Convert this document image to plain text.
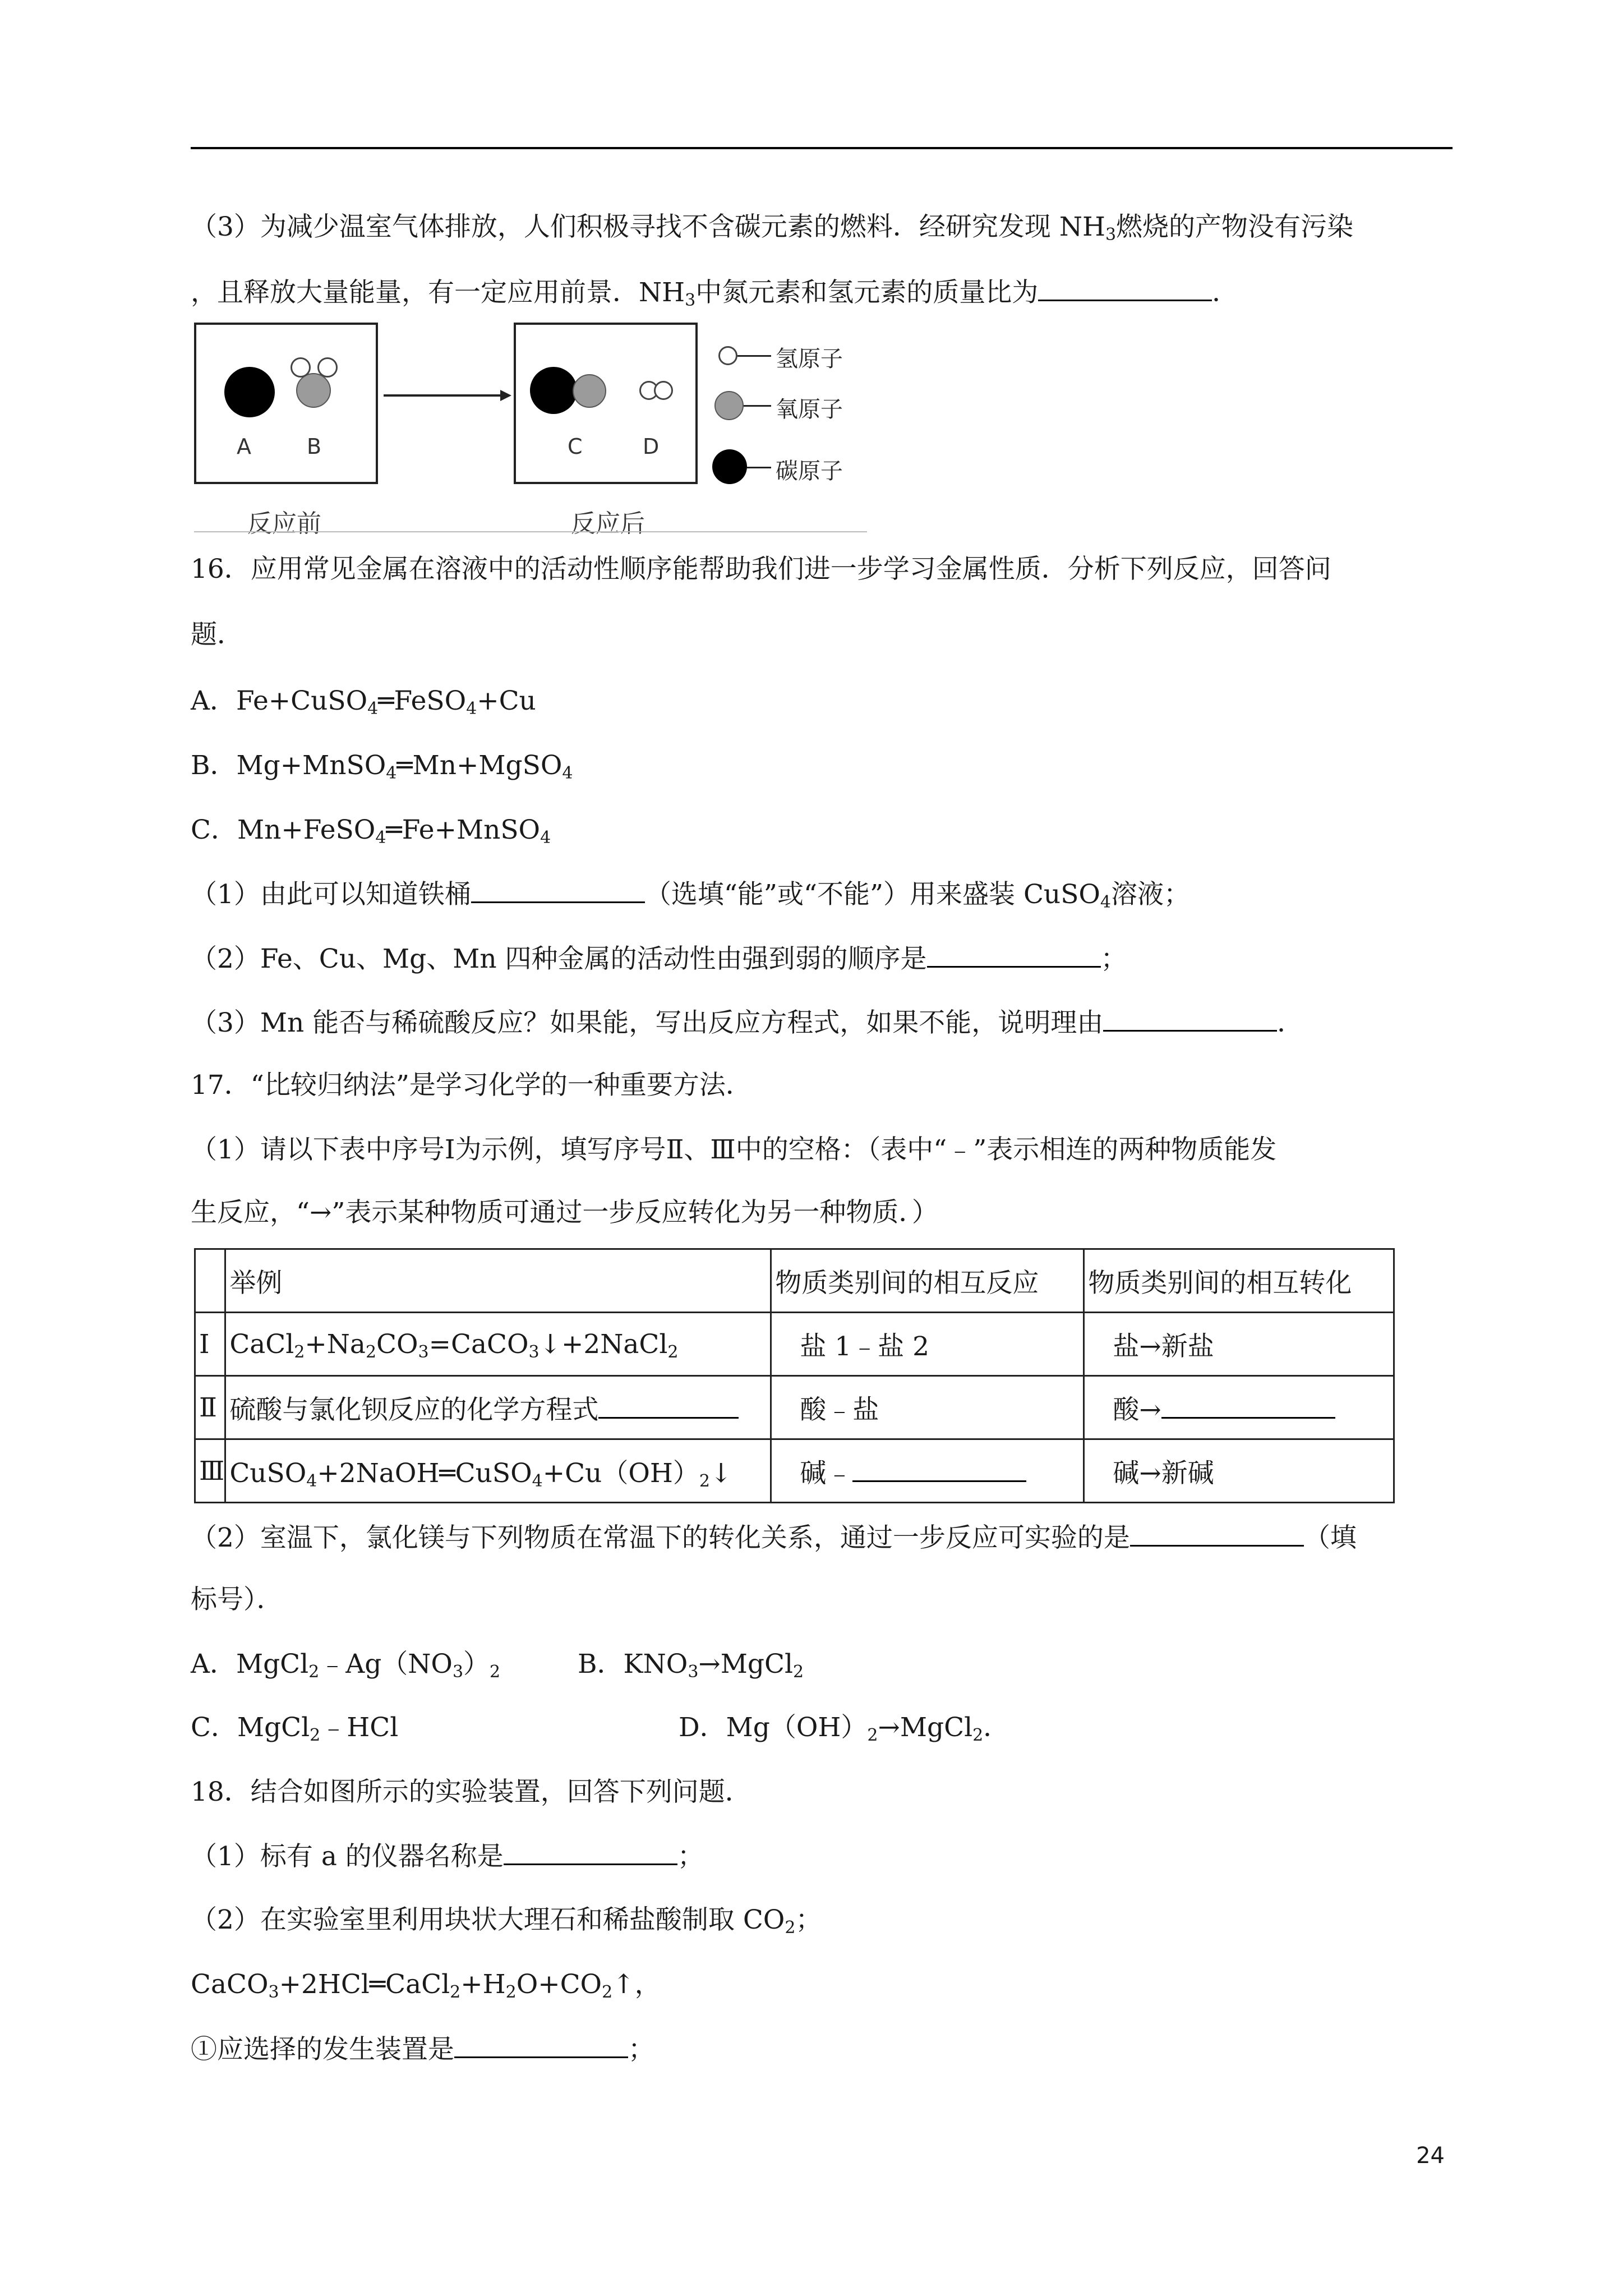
（3）为减少温室气体排放，人们积极寻找不含碳元素的燃料．经研究发现 $NH_3$燃烧的产物没有污染
，且释放大量能量，有一定应用前景．$NH_3$中氮元素和氢元素的质量比为	．
A	B	C	D
反应前	反应后
氢原子
氧原子
碳原子
16．应用常见金属在溶液中的活动性顺序能帮助我们进一步学习金属性质．分析下列反应，回答问
题．
A．Fe+CuSO$_4$═FeSO$_4$+Cu
B．Mg+MnSO$_4$═Mn+MgSO$_4$
C．Mn+FeSO$_4$═Fe+MnSO$_4$
（1）由此可以知道铁桶	（选填“能”或“不能”）用来盛装 CuSO$_4$溶液；
（2）Fe、Cu、Mg、Mn 四种金属的活动性由强到弱的顺序是	；
（3）Mn 能否与稀硫酸反应？如果能，写出反应方程式，如果不能，说明理由	．
17．“比较归纳法”是学习化学的一种重要方法．
（1）请以下表中序号Ⅰ为示例，填写序号Ⅱ、Ⅲ中的空格：（表中“﹣”表示相连的两种物质能发
生反应，“→”表示某种物质可通过一步反应转化为另一种物质．）
	举例	物质类别间的相互反应	物质类别间的相互转化
Ⅰ	$CaCl_2+Na_2CO_3=CaCO_3↓+2NaCl_2$	盐 1﹣盐 2	盐→新盐
Ⅱ	硫酸与氯化钡反应的化学方程式	酸﹣盐	酸→
Ⅲ	$CuSO_4+2NaOH═CuSO_4+Cu(OH)_2↓$	碱﹣	碱→新碱
（2）室温下，氯化镁与下列物质在常温下的转化关系，通过一步反应可实验的是	（填
标号）．
A．$MgCl_2﹣Ag(NO_3)_2$	B．$KNO_3\to MgCl_2$
C．MgCl$_2$﹣HCl	D．$Mg(OH)_2\to MgCl_2$．
18．结合如图所示的实验装置，回答下列问题．
（1）标有 a 的仪器名称是	；
（2）在实验室里利用块状大理石和稀盐酸制取 $CO_2$；
$CaCO_3+2HCl═CaCl_2+H_2O+CO_2↑$，
①应选择的发生装置是	；
24
